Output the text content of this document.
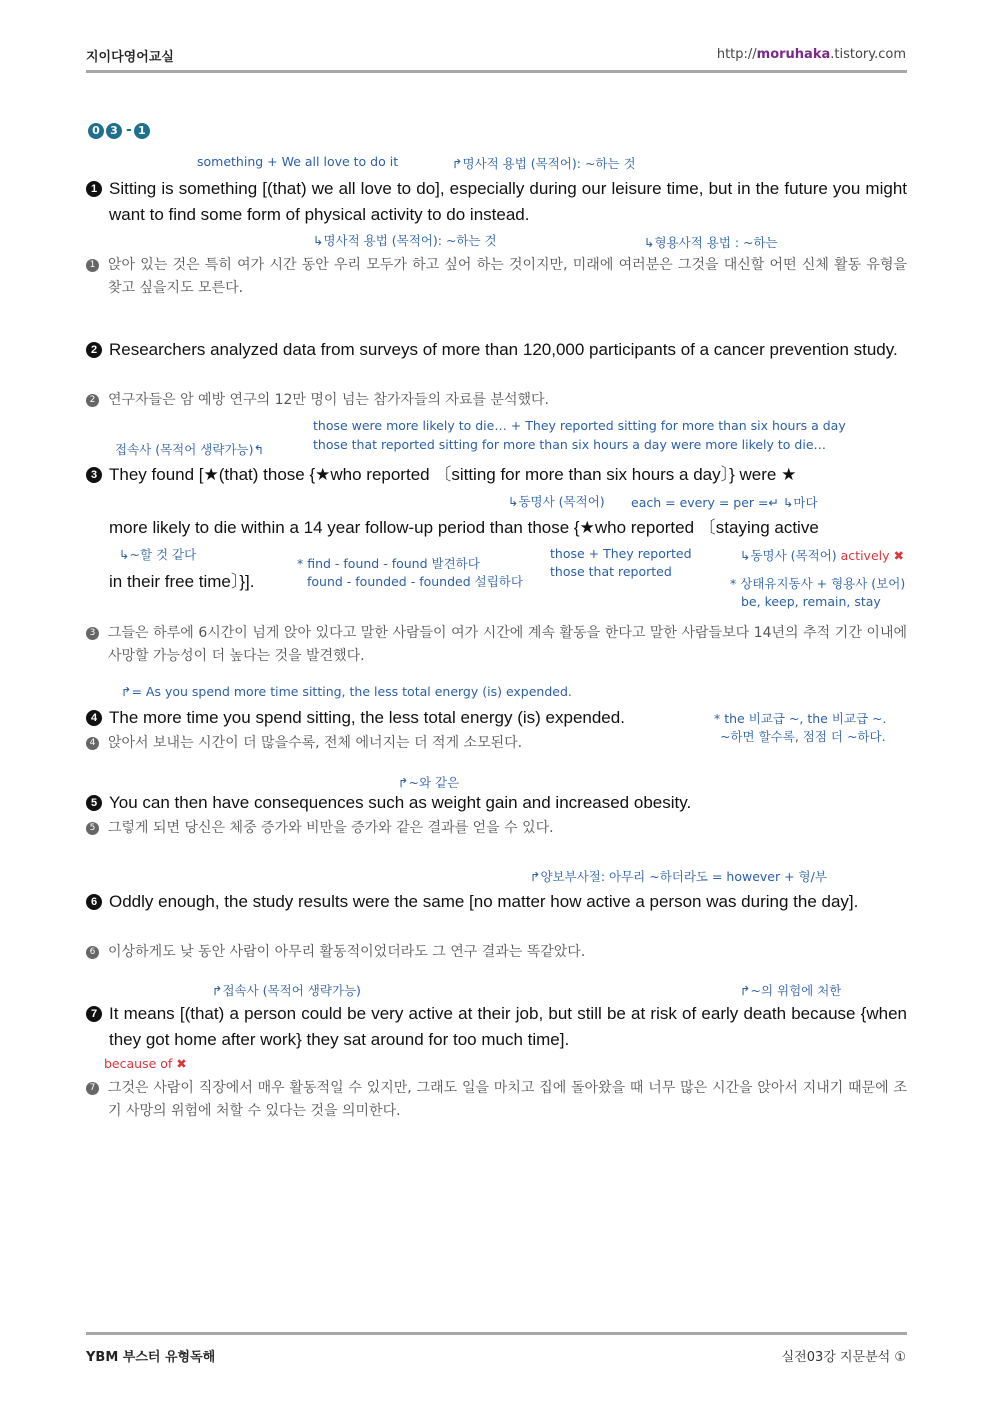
지이다영어교실	http://moruhaka.tistory.com
0 3 - 1
something + We all love to do it	↱명사적 용법 (목적어): ~하는 것
1 Sitting is something [(that) we all love to do], especially during our leisure time, but in the future you might want to find some form of physical activity to do instead.
↳명사적 용법 (목적어): ~하는 것	↳형용사적 용법 : ~하는
1 앉아 있는 것은 특히 여가 시간 동안 우리 모두가 하고 싶어 하는 것이지만, 미래에 여러분은 그것을 대신할 어떤 신체 활동 유형을 찾고 싶을지도 모른다.
2 Researchers analyzed data from surveys of more than 120,000 participants of a cancer prevention study.
2 연구자들은 암 예방 연구의 12만 명이 넘는 참가자들의 자료를 분석했다.
those were more likely to die… + They reported sitting for more than six hours a day
those that reported sitting for more than six hours a day were more likely to die…
접속사 (목적어 생략가능)↰
3 They found [★(that) those {★who reported 〔sitting for more than six hours a day〕} were ★
↳동명사 (목적어) each = every = per =↵ ↳마다
more likely to die within a 14 year follow-up period than those {★who reported 〔staying active
↳~할 것 같다
* find - found - found 발견하다
found - founded - founded 설립하다
those + They reported
those that reported
↳동명사 (목적어) actively ✖
* 상태유지동사 + 형용사 (보어)
be, keep, remain, stay
in their free time〕}].
3 그들은 하루에 6시간이 넘게 앉아 있다고 말한 사람들이 여가 시간에 계속 활동을 한다고 말한 사람들보다 14년의 추적 기간 이내에 사망할 가능성이 더 높다는 것을 발견했다.
↱= As you spend more time sitting, the less total energy (is) expended.
4 The more time you spend sitting, the less total energy (is) expended.	* the 비교급 ~, the 비교급 ~.
~하면 할수록, 점점 더 ~하다.
4 앉아서 보내는 시간이 더 많을수록, 전체 에너지는 더 적게 소모된다.
↱~와 같은
5 You can then have consequences such as weight gain and increased obesity.
5 그렇게 되면 당신은 체중 증가와 비만을 증가와 같은 결과를 얻을 수 있다.
↱양보부사절: 아무리 ~하더라도 = however + 형/부
6 Oddly enough, the study results were the same [no matter how active a person was during the day].
6 이상하게도 낮 동안 사람이 아무리 활동적이었더라도 그 연구 결과는 똑같았다.
↱접속사 (목적어 생략가능)	↱~의 위험에 처한
7 It means [(that) a person could be very active at their job, but still be at risk of early death because {when they got home after work} they sat around for too much time].
because of ✖
7 그것은 사람이 직장에서 매우 활동적일 수 있지만, 그래도 일을 마치고 집에 돌아왔을 때 너무 많은 시간을 앉아서 지내기 때문에 조기 사망의 위험에 처할 수 있다는 것을 의미한다.
YBM 부스터 유형독해	실전03강 지문분석 ①
